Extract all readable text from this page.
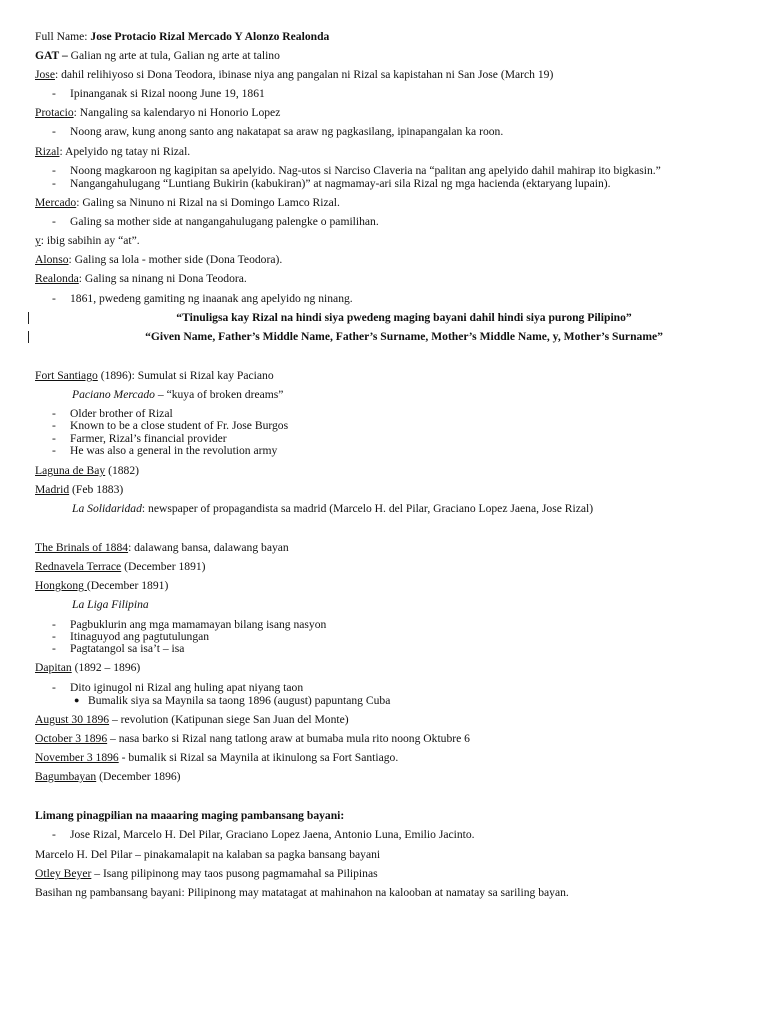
Full Name: Jose Protacio Rizal Mercado Y Alonzo Realonda
GAT – Galian ng arte at tula, Galian ng arte at talino
Jose: dahil relihiyoso si Dona Teodora, ibinase niya ang pangalan ni Rizal sa kapistahan ni San Jose (March 19)
- Ipinanganak si Rizal noong June 19, 1861
Protacio: Nangaling sa kalendaryo ni Honorio Lopez
- Noong araw, kung anong santo ang nakatapat sa araw ng pagkasilang, ipinapangalan ka roon.
Rizal: Apelyido ng tatay ni Rizal.
- Noong magkaroon ng kagipitan sa apelyido. Nag-utos si Narciso Claveria na “palitan ang apelyido dahil mahirap ito bigkasin.”
- Nangangahulugang “Luntiang Bukirin (kabukiran)” at nagmamay-ari sila Rizal ng mga hacienda (ektaryang lupain).
Mercado: Galing sa Ninuno ni Rizal na si Domingo Lamco Rizal.
- Galing sa mother side at nangangahulugang palengke o pamilihan.
y: ibig sabihin ay “at”.
Alonso: Galing sa lola - mother side (Dona Teodora).
Realonda: Galing sa ninang ni Dona Teodora.
- 1861, pwedeng gamiting ng inaanak ang apelyido ng ninang.
“Tinuligsa kay Rizal na hindi siya pwedeng maging bayani dahil hindi siya purong Pilipino”
“Given Name, Father’s Middle Name, Father’s Surname, Mother’s Middle Name, y, Mother’s Surname”
Fort Santiago (1896): Sumulat si Rizal kay Paciano
Paciano Mercado – “kuya of broken dreams”
- Older brother of Rizal
- Known to be a close student of Fr. Jose Burgos
- Farmer, Rizal’s financial provider
- He was also a general in the revolution army
Laguna de Bay (1882)
Madrid (Feb 1883)
La Solidaridad: newspaper of propagandista sa madrid (Marcelo H. del Pilar, Graciano Lopez Jaena, Jose Rizal)
The Brinals of 1884: dalawang bansa, dalawang bayan
Rednavela Terrace (December 1891)
Hongkong (December 1891)
La Liga Filipina
- Pagbuklurin ang mga mamamayan bilang isang nasyon
- Itinaguyod ang pagtutulungan
- Pagtatangol sa isa’t – isa
Dapitan (1892 – 1896)
- Dito iginugol ni Rizal ang huling apat niyang taon
● Bumalik siya sa Maynila sa taong 1896 (august) papuntang Cuba
August 30 1896 – revolution (Katipunan siege San Juan del Monte)
October 3 1896 – nasa barko si Rizal nang tatlong araw at bumaba mula rito noong Oktubre 6
November 3 1896 - bumalik si Rizal sa Maynila at ikinulong sa Fort Santiago.
Bagumbayan (December 1896)
Limang pinagpilian na maaaring maging pambansang bayani:
- Jose Rizal, Marcelo H. Del Pilar, Graciano Lopez Jaena, Antonio Luna, Emilio Jacinto.
Marcelo H. Del Pilar – pinakamalapit na kalaban sa pagka bansang bayani
Otley Beyer – Isang pilipinong may taos pusong pagmamahal sa Pilipinas
Basihan ng pambansang bayani: Pilipinong may matatagat at mahinahon na kalooban at namatay sa sariling bayan.
